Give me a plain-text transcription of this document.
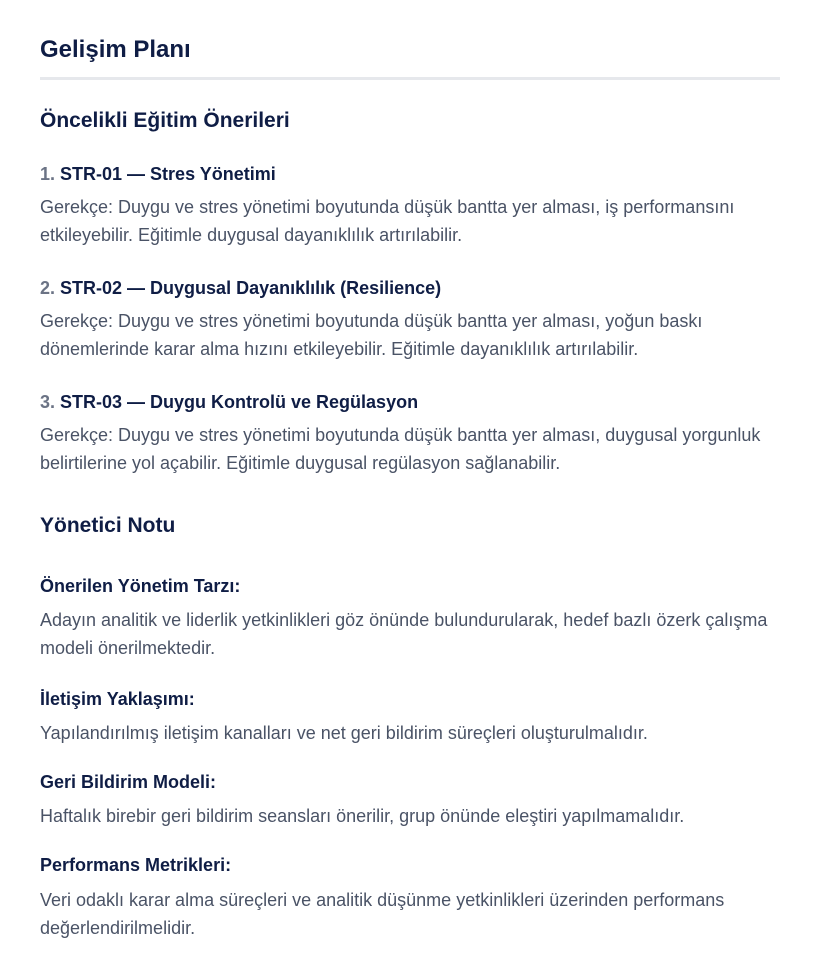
Gelişim Planı
Öncelikli Eğitim Önerileri

1. STR-01 — Stres Yönetimi

Gerekçe: Duygu ve stres yönetimi boyutunda düşük bantta yer alması, iş performansını etkileyebilir. Eğitimle duygusal dayanıklılık artırılabilir.

2. STR-02 — Duygusal Dayanıklılık (Resilience)

Gerekçe: Duygu ve stres yönetimi boyutunda düşük bantta yer alması, yoğun baskı dönemlerinde karar alma hızını etkileyebilir. Eğitimle dayanıklılık artırılabilir.

3. STR-03 — Duygu Kontrolü ve Regülasyon

Gerekçe: Duygu ve stres yönetimi boyutunda düşük bantta yer alması, duygusal yorgunluk belirtilerine yol açabilir. Eğitimle duygusal regülasyon sağlanabilir.

Yönetici Notu

Önerilen Yönetim Tarzı:

Adayın analitik ve liderlik yetkinlikleri göz önünde bulundurularak, hedef bazlı özerk çalışma modeli önerilmektedir.

İletişim Yaklaşımı:

Yapılandırılmış iletişim kanalları ve net geri bildirim süreçleri oluşturulmalıdır.

Geri Bildirim Modeli:

Haftalık birebir geri bildirim seansları önerilir, grup önünde eleştiri yapılmamalıdır.

Performans Metrikleri:

Veri odaklı karar alma süreçleri ve analitik düşünme yetkinlikleri üzerinden performans değerlendirilmelidir.
